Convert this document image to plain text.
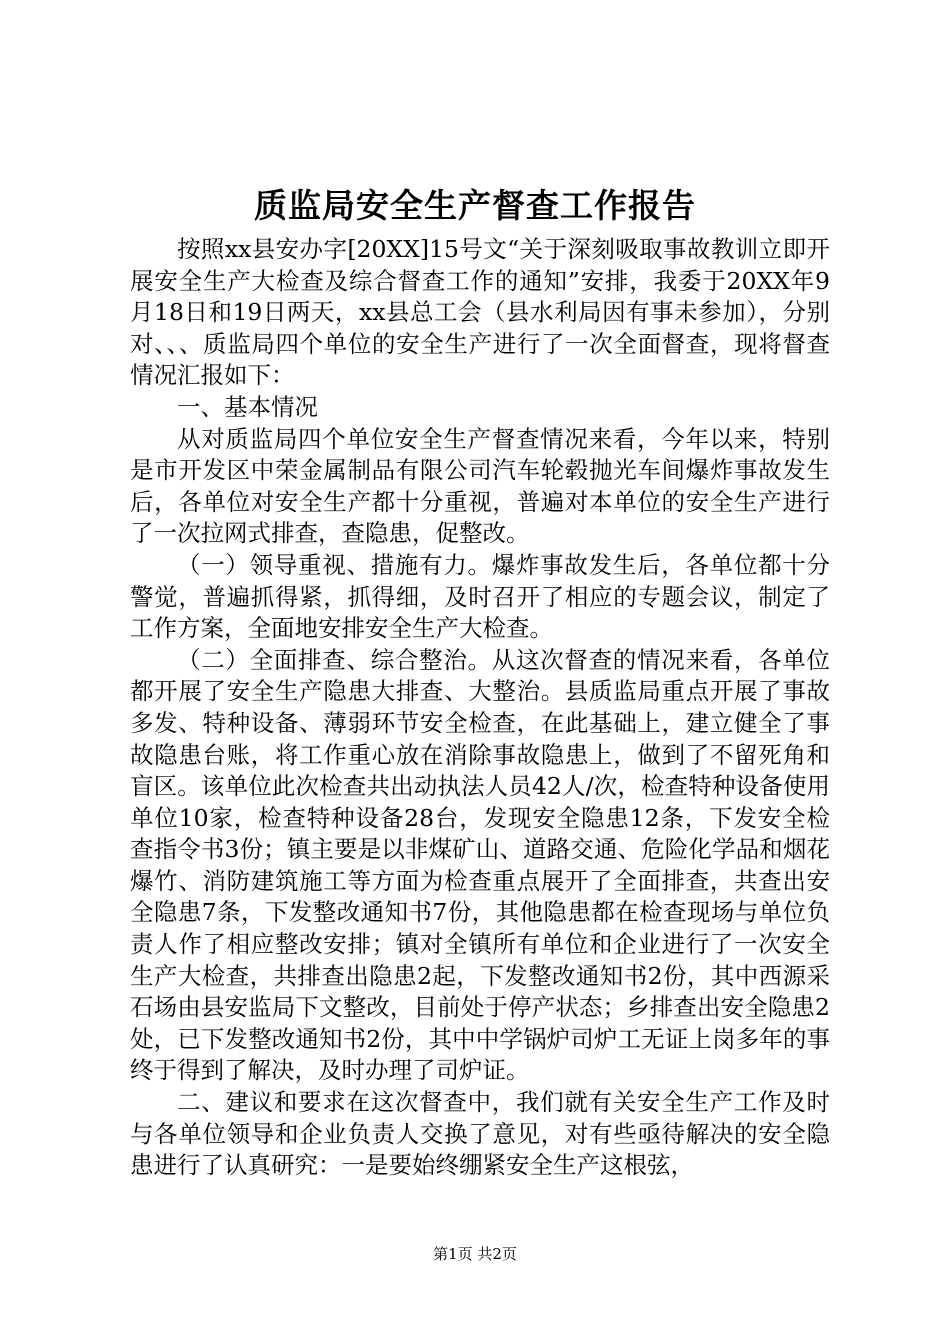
质监局安全生产督查工作报告

按照xx县安办字[20XX]15号文“关于深刻吸取事故教训立即开展安全生产大检查及综合督查工作的通知”安排，我委于20XX年9月18日和19日两天，xx县总工会（县水利局因有事未参加），分别对、、、质监局四个单位的安全生产进行了一次全面督查，现将督查情况汇报如下：

一、基本情况

从对质监局四个单位安全生产督查情况来看，今年以来，特别是市开发区中荣金属制品有限公司汽车轮毂抛光车间爆炸事故发生后，各单位对安全生产都十分重视，普遍对本单位的安全生产进行了一次拉网式排查，查隐患，促整改。

（一）领导重视、措施有力。爆炸事故发生后，各单位都十分警觉，普遍抓得紧，抓得细，及时召开了相应的专题会议，制定了工作方案，全面地安排安全生产大检查。

（二）全面排查、综合整治。从这次督查的情况来看，各单位都开展了安全生产隐患大排查、大整治。县质监局重点开展了事故多发、特种设备、薄弱环节安全检查，在此基础上，建立健全了事故隐患台账，将工作重心放在消除事故隐患上，做到了不留死角和盲区。该单位此次检查共出动执法人员42人/次，检查特种设备使用单位10家，检查特种设备28台，发现安全隐患12条，下发安全检查指令书3份；镇主要是以非煤矿山、道路交通、危险化学品和烟花爆竹、消防建筑施工等方面为检查重点展开了全面排查，共查出安全隐患7条，下发整改通知书7份，其他隐患都在检查现场与单位负责人作了相应整改安排；镇对全镇所有单位和企业进行了一次安全生产大检查，共排查出隐患2起，下发整改通知书2份，其中西源采石场由县安监局下文整改，目前处于停产状态；乡排查出安全隐患2处，已下发整改通知书2份，其中中学锅炉司炉工无证上岗多年的事终于得到了解决，及时办理了司炉证。

二、建议和要求在这次督查中，我们就有关安全生产工作及时与各单位领导和企业负责人交换了意见，对有些亟待解决的安全隐患进行了认真研究：一是要始终绷紧安全生产这根弦，

第1页 共2页
